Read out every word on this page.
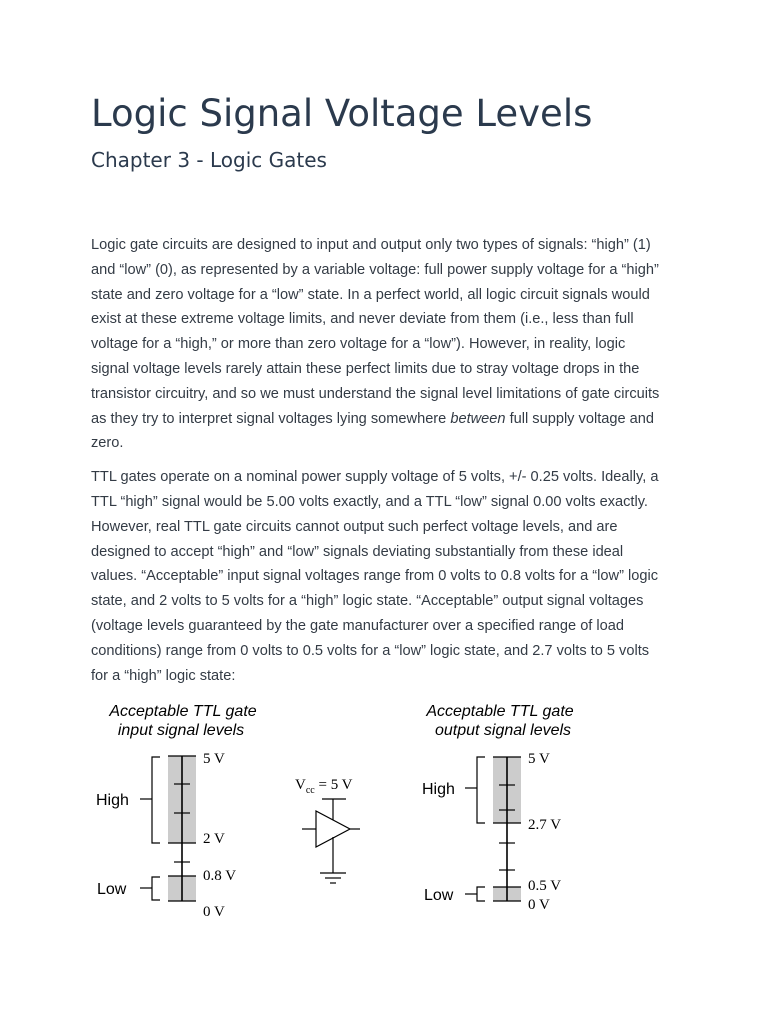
Logic Signal Voltage Levels
Chapter 3 - Logic Gates

Logic gate circuits are designed to input and output only two types of signals: “high” (1) and “low” (0), as represented by a variable voltage: full power supply voltage for a “high” state and zero voltage for a “low” state. In a perfect world, all logic circuit signals would exist at these extreme voltage limits, and never deviate from them (i.e., less than full voltage for a “high,” or more than zero voltage for a “low”). However, in reality, logic signal voltage levels rarely attain these perfect limits due to stray voltage drops in the transistor circuitry, and so we must understand the signal level limitations of gate circuits as they try to interpret signal voltages lying somewhere between full supply voltage and zero.

TTL gates operate on a nominal power supply voltage of 5 volts, +/- 0.25 volts. Ideally, a TTL “high” signal would be 5.00 volts exactly, and a TTL “low” signal 0.00 volts exactly. However, real TTL gate circuits cannot output such perfect voltage levels, and are designed to accept “high” and “low” signals deviating substantially from these ideal values. “Acceptable” input signal voltages range from 0 volts to 0.8 volts for a “low” logic state, and 2 volts to 5 volts for a “high” logic state. “Acceptable” output signal voltages (voltage levels guaranteed by the gate manufacturer over a specified range of load conditions) range from 0 volts to 0.5 volts for a “low” logic state, and 2.7 volts to 5 volts for a “high” logic state:

Acceptable TTL gate
input signal levels
High
Low
5 V
2 V
0.8 V
0 V
$V_{cc} = 5$ V
Acceptable TTL gate
output signal levels
High
Low
5 V
2.7 V
0.5 V
0 V
